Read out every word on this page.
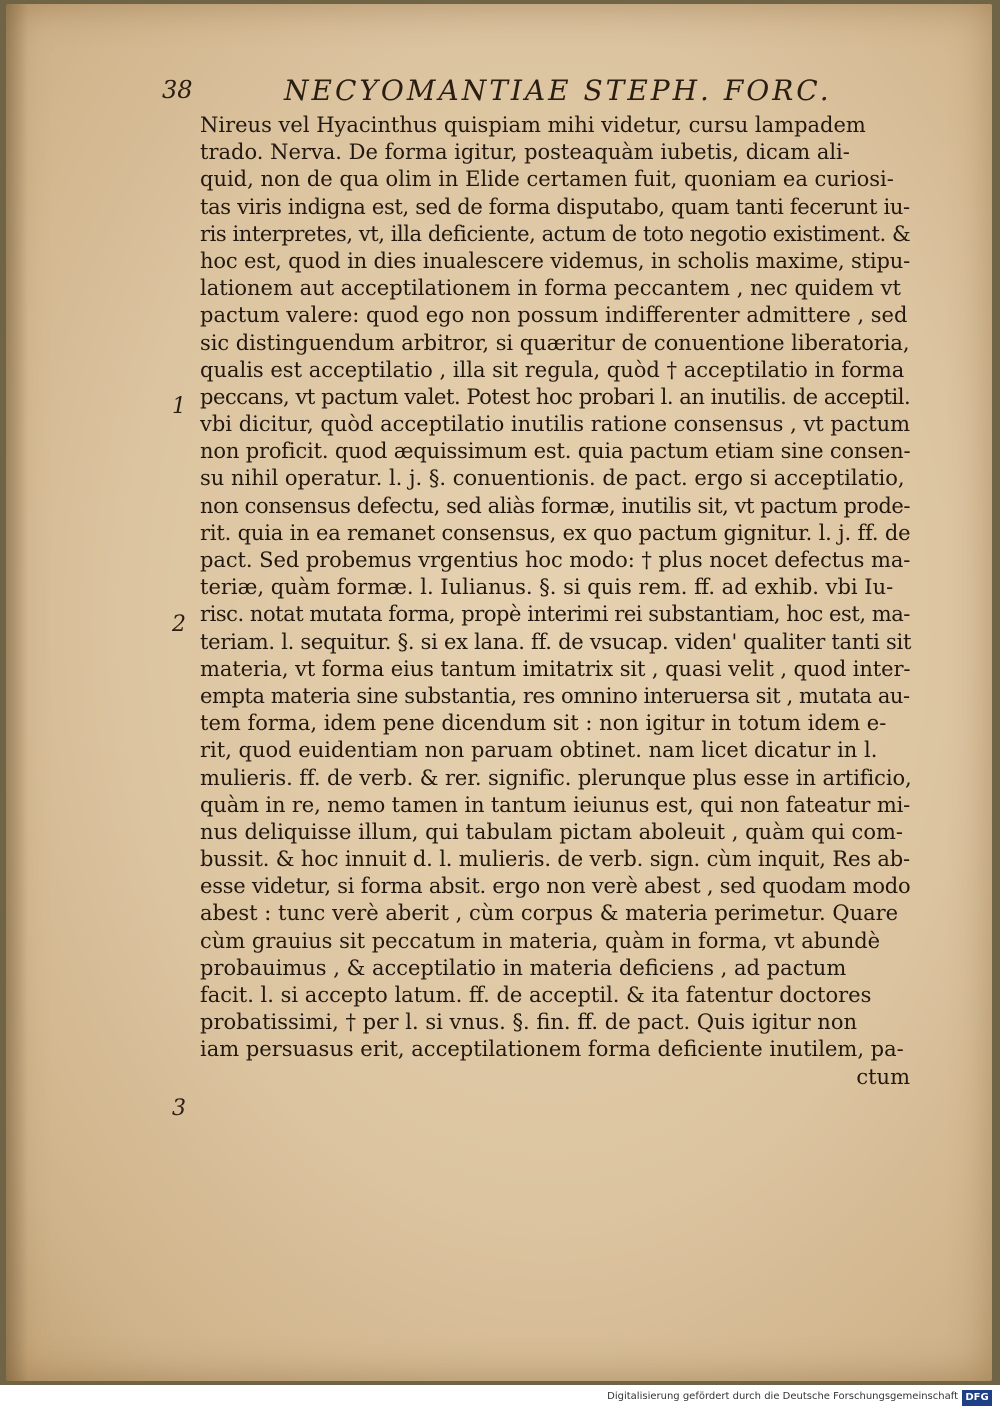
38	NECYOMANTIAE STEPH. FORC.
1
2
3
Nireus vel Hyacinthus quispiam mihi videtur, cursu lampadem
trado. Nerva. De forma igitur, posteaquàm iubetis, dicam ali-
quid, non de qua olim in Elide certamen fuit, quoniam ea curiosi-
tas viris indigna est, sed de forma disputabo, quam tanti fecerunt iu-
ris interpretes, vt, illa deficiente, actum de toto negotio existiment. &
hoc est, quod in dies inualescere videmus, in scholis maxime, stipu-
lationem aut acceptilationem in forma peccantem , nec quidem vt
pactum valere: quod ego non possum indifferenter admittere , sed
sic distinguendum arbitror, si quæritur de conuentione liberatoria,
qualis est acceptilatio , illa sit regula, quòd † acceptilatio in forma
peccans, vt pactum valet. Potest hoc probari l. an inutilis. de acceptil.
vbi dicitur, quòd acceptilatio inutilis ratione consensus , vt pactum
non proficit. quod æquissimum est. quia pactum etiam sine consen-
su nihil operatur. l. j. §. conuentionis. de pact. ergo si acceptilatio,
non consensus defectu, sed aliàs formæ, inutilis sit, vt pactum prode-
rit. quia in ea remanet consensus, ex quo pactum gignitur. l. j. ff. de
pact. Sed probemus vrgentius hoc modo: † plus nocet defectus ma-
teriæ, quàm formæ. l. Iulianus. §. si quis rem. ff. ad exhib. vbi Iu-
risc. notat mutata forma, propè interimi rei substantiam, hoc est, ma-
teriam. l. sequitur. §. si ex lana. ff. de vsucap. viden' qualiter tanti sit
materia, vt forma eius tantum imitatrix sit , quasi velit , quod inter-
empta materia sine substantia, res omnino interuersa sit , mutata au-
tem forma, idem pene dicendum sit : non igitur in totum idem e-
rit, quod euidentiam non paruam obtinet. nam licet dicatur in l.
mulieris. ff. de verb. & rer. signific. plerunque plus esse in artificio,
quàm in re, nemo tamen in tantum ieiunus est, qui non fateatur mi-
nus deliquisse illum, qui tabulam pictam aboleuit , quàm qui com-
bussit. & hoc innuit d. l. mulieris. de verb. sign. cùm inquit, Res ab-
esse videtur, si forma absit. ergo non verè abest , sed quodam modo
abest : tunc verè aberit , cùm corpus & materia perimetur. Quare
cùm grauius sit peccatum in materia, quàm in forma, vt abundè
probauimus , & acceptilatio in materia deficiens , ad pactum
facit. l. si accepto latum. ff. de acceptil. & ita fatentur doctores
probatissimi, † per l. si vnus. §. fin. ff. de pact. Quis igitur non
iam persuasus erit, acceptilationem forma deficiente inutilem, pa-
ctum
Digitalisierung gefördert durch die Deutsche Forschungsgemeinschaft DFG
